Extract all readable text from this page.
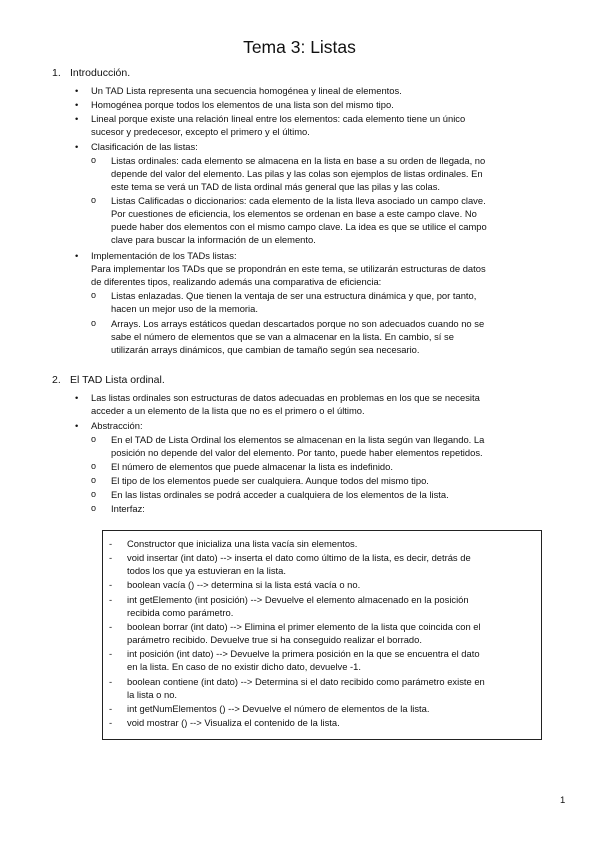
Tema 3: Listas
1. Introducción.
• Un TAD Lista representa una secuencia homogénea y lineal de elementos.
• Homogénea porque todos los elementos de una lista son del mismo tipo.
• Lineal porque existe una relación lineal entre los elementos: cada elemento tiene un único
sucesor y predecesor, excepto el primero y el último.
• Clasificación de las listas:
o Listas ordinales: cada elemento se almacena en la lista en base a su orden de llegada, no
depende del valor del elemento. Las pilas y las colas son ejemplos de listas ordinales. En
este tema se verá un TAD de lista ordinal más general que las pilas y las colas.
o Listas Calificadas o diccionarios: cada elemento de la lista lleva asociado un campo clave.
Por cuestiones de eficiencia, los elementos se ordenan en base a este campo clave. No
puede haber dos elementos con el mismo campo clave. La idea es que se utilice el campo
clave para buscar la información de un elemento.
• Implementación de los TADs listas:
Para implementar los TADs que se propondrán en este tema, se utilizarán estructuras de datos
de diferentes tipos, realizando además una comparativa de eficiencia:
o Listas enlazadas. Que tienen la ventaja de ser una estructura dinámica y que, por tanto,
hacen un mejor uso de la memoria.
o Arrays. Los arrays estáticos quedan descartados porque no son adecuados cuando no se
sabe el número de elementos que se van a almacenar en la lista. En cambio, sí se
utilizarán arrays dinámicos, que cambian de tamaño según sea necesario.
2. El TAD Lista ordinal.
• Las listas ordinales son estructuras de datos adecuadas en problemas en los que se necesita
acceder a un elemento de la lista que no es el primero o el último.
• Abstracción:
o En el TAD de Lista Ordinal los elementos se almacenan en la lista según van llegando. La
posición no depende del valor del elemento. Por tanto, puede haber elementos repetidos.
o El número de elementos que puede almacenar la lista es indefinido.
o El tipo de los elementos puede ser cualquiera. Aunque todos del mismo tipo.
o En las listas ordinales se podrá acceder a cualquiera de los elementos de la lista.
o Interfaz:
- Constructor que inicializa una lista vacía sin elementos.
- void insertar (int dato) --> inserta el dato como último de la lista, es decir, detrás de
todos los que ya estuvieran en la lista.
- boolean vacía () --> determina si la lista está vacía o no.
- int getElemento (int posición) --> Devuelve el elemento almacenado en la posición
recibida como parámetro.
- boolean borrar (int dato) --> Elimina el primer elemento de la lista que coincida con el
parámetro recibido. Devuelve true si ha conseguido realizar el borrado.
- int posición (int dato) --> Devuelve la primera posición en la que se encuentra el dato
en la lista. En caso de no existir dicho dato, devuelve -1.
- boolean contiene (int dato) --> Determina si el dato recibido como parámetro existe en
la lista o no.
- int getNumElementos () --> Devuelve el número de elementos de la lista.
- void mostrar () --> Visualiza el contenido de la lista.
1
